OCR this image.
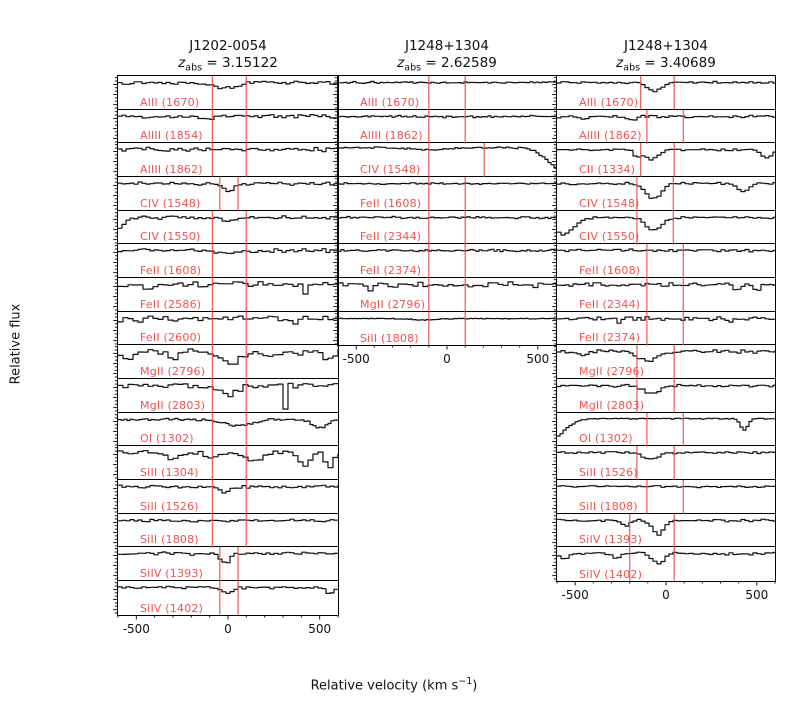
Relative flux
Relative velocity (km $s^{-1}$)
J1202-0054
$z_{abs} = 3.15122$
AlII (1670)
AlIII (1854)
AlIII (1862)
CIV (1548)
CIV (1550)
FeII (1608)
FeII (2586)
FeII (2600)
MgII (2796)
MgII (2803)
OI (1302)
SiII (1304)
SiII (1526)
SiII (1808)
SiIV (1393)
SiIV (1402)
-500	0	500
J1248+1304
$z_{abs} = 2.62589$
AlII (1670)
AlIII (1862)
CIV (1548)
FeII (1608)
FeII (2344)
FeII (2374)
MgII (2796)
SiII (1808)
-500	0	500
J1248+1304
$z_{abs} = 3.40689$
AlII (1670)
AlIII (1862)
CII (1334)
CIV (1548)
CIV (1550)
FeII (1608)
FeII (2344)
FeII (2374)
MgII (2796)
MgII (2803)
OI (1302)
SiII (1526)
SiII (1808)
SiIV (1393)
SiIV (1402)
-500	0	500
